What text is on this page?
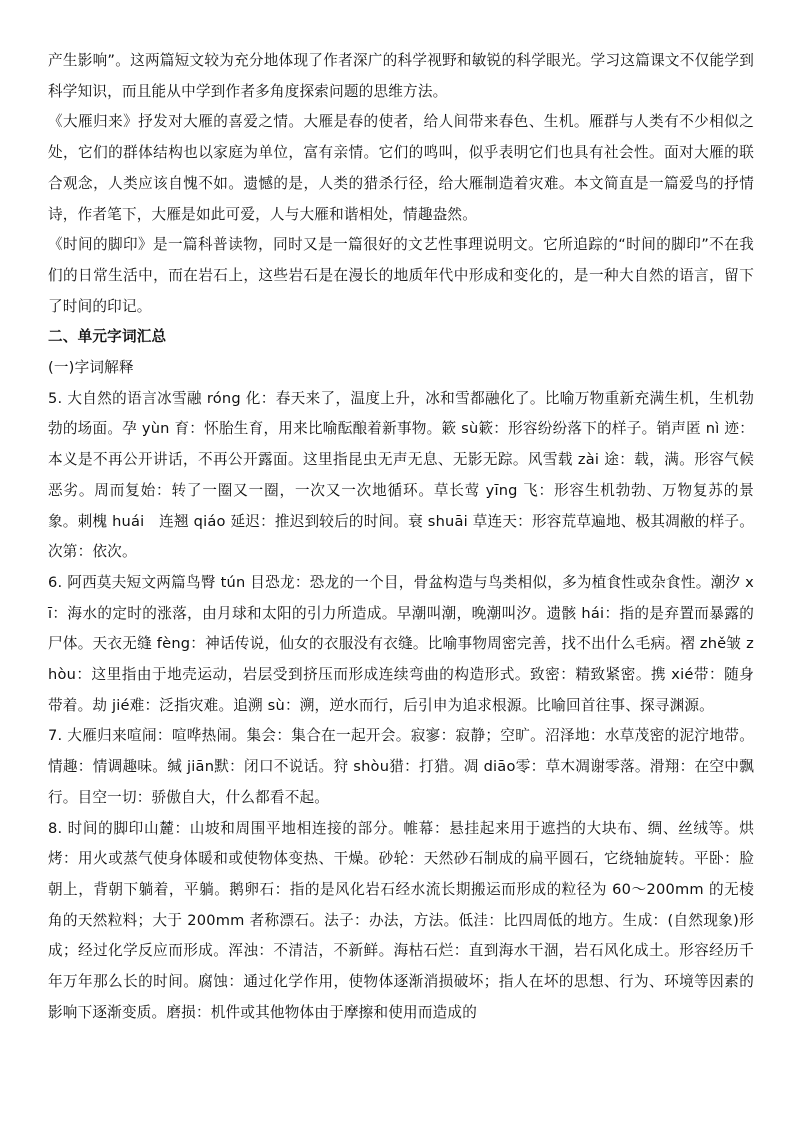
产生影响”。这两篇短文较为充分地体现了作者深广的科学视野和敏锐的科学眼光。学习这篇课文不仅能学到科学知识，而且能从中学到作者多角度探索问题的思维方法。

《大雁归来》抒发对大雁的喜爱之情。大雁是春的使者，给人间带来春色、生机。雁群与人类有不少相似之处，它们的群体结构也以家庭为单位，富有亲情。它们的鸣叫，似乎表明它们也具有社会性。面对大雁的联合观念，人类应该自愧不如。遗憾的是，人类的猎杀行径，给大雁制造着灾难。本文简直是一篇爱鸟的抒情诗，作者笔下，大雁是如此可爱，人与大雁和谐相处，情趣盎然。

《时间的脚印》是一篇科普读物，同时又是一篇很好的文艺性事理说明文。它所追踪的“时间的脚印”不在我们的日常生活中，而在岩石上，这些岩石是在漫长的地质年代中形成和变化的，是一种大自然的语言，留下了时间的印记。

二、单元字词汇总

(一)字词解释

5. 大自然的语言冰雪融 róng 化：春天来了，温度上升，冰和雪都融化了。比喻万物重新充满生机，生机勃勃的场面。孕 yùn 育：怀胎生育，用来比喻酝酿着新事物。簌 sù簌：形容纷纷落下的样子。销声匿 nì 迹：本义是不再公开讲话，不再公开露面。这里指昆虫无声无息、无影无踪。风雪载 zài 途：载，满。形容气候恶劣。周而复始：转了一圈又一圈，一次又一次地循环。草长莺 yīng 飞：形容生机勃勃、万物复苏的景象。刺槐 huái　连翘 qiáo 延迟：推迟到较后的时间。衰 shuāi 草连天：形容荒草遍地、极其凋敝的样子。次第：依次。

6. 阿西莫夫短文两篇鸟臀 tún 目恐龙：恐龙的一个目，骨盆构造与鸟类相似，多为植食性或杂食性。潮汐 xī：海水的定时的涨落，由月球和太阳的引力所造成。早潮叫潮，晚潮叫汐。遗骸 hái：指的是弃置而暴露的尸体。天衣无缝 fèng：神话传说，仙女的衣服没有衣缝。比喻事物周密完善，找不出什么毛病。褶 zhě皱 zhòu：这里指由于地壳运动，岩层受到挤压而形成连续弯曲的构造形式。致密：精致紧密。携 xié带：随身带着。劫 jié难：泛指灾难。追溯 sù：溯，逆水而行，后引申为追求根源。比喻回首往事、探寻渊源。

7. 大雁归来喧闹：喧哗热闹。集会：集合在一起开会。寂寥：寂静；空旷。沼泽地：水草茂密的泥泞地带。情趣：情调趣味。缄 jiān默：闭口不说话。狩 shòu猎：打猎。凋 diāo零：草木凋谢零落。滑翔：在空中飘行。目空一切：骄傲自大，什么都看不起。

8. 时间的脚印山麓：山坡和周围平地相连接的部分。帷幕：悬挂起来用于遮挡的大块布、绸、丝绒等。烘烤：用火或蒸气使身体暖和或使物体变热、干燥。砂轮：天然砂石制成的扁平圆石，它绕轴旋转。平卧：脸朝上，背朝下躺着，平躺。鹅卵石：指的是风化岩石经水流长期搬运而形成的粒径为 60～200mm 的无棱角的天然粒料；大于 200mm 者称漂石。法子：办法，方法。低洼：比四周低的地方。生成：(自然现象)形成；经过化学反应而形成。浑浊：不清洁，不新鲜。海枯石烂：直到海水干涸，岩石风化成土。形容经历千年万年那么长的时间。腐蚀：通过化学作用，使物体逐渐消损破坏；指人在坏的思想、行为、环境等因素的影响下逐渐变质。磨损：机件或其他物体由于摩擦和使用而造成的
